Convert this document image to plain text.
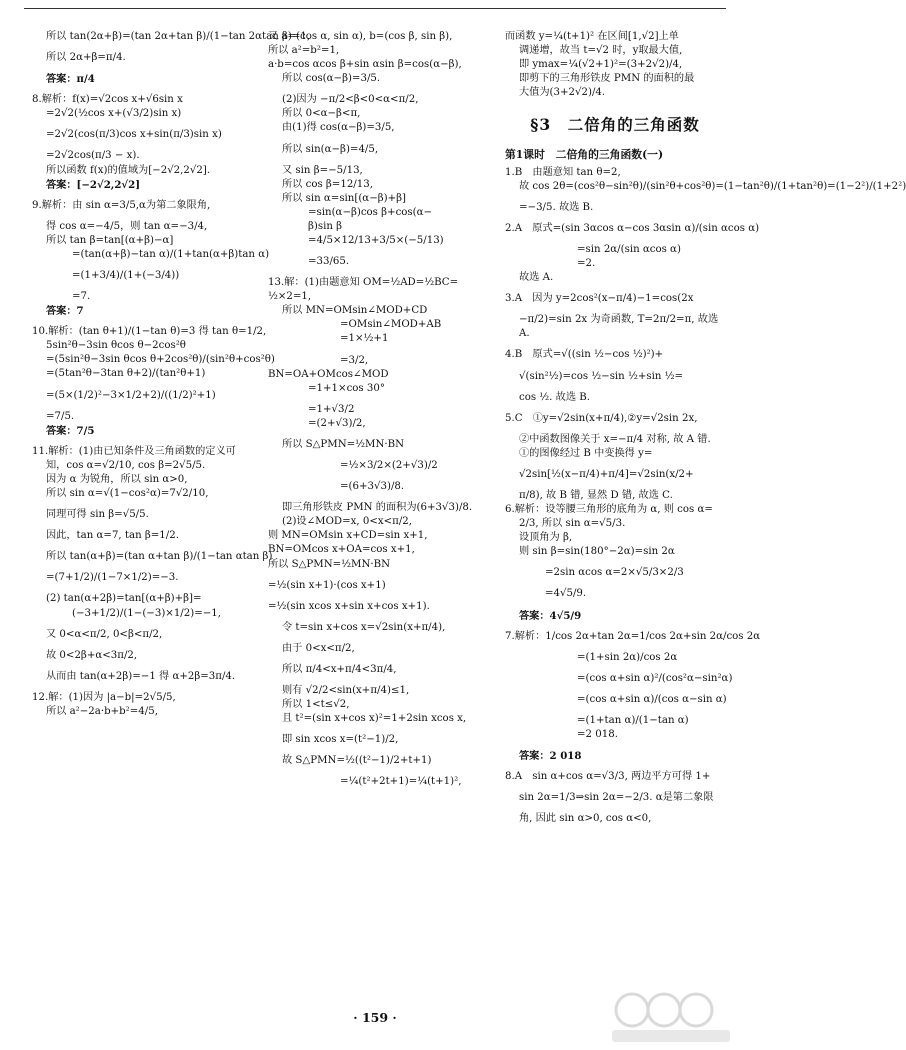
所以 tan(2α+β)=(tan 2α+tan β)/(1−tan 2αtan β)=1,

所以 2α+β=π/4.

答案：π/4

8.解析：f(x)=√2cos x+√6sin x

=2√2(½cos x+(√3/2)sin x)

=2√2(cos(π/3)cos x+sin(π/3)sin x)

=2√2cos(π/3 − x).

所以函数 f(x)的值域为[−2√2,2√2].

答案：[−2√2,2√2]

9.解析：由 sin α=3/5,α为第二象限角,

得 cos α=−4/5，则 tan α=−3/4,

所以 tan β=tan[(α+β)−α]

=(tan(α+β)−tan α)/(1+tan(α+β)tan α)

=(1+3/4)/(1+(−3/4))

=7.

答案：7

10.解析：(tan θ+1)/(1−tan θ)=3 得 tan θ=1/2,

5sin²θ−3sin θcos θ−2cos²θ

=(5sin²θ−3sin θcos θ+2cos²θ)/(sin²θ+cos²θ)

=(5tan²θ−3tan θ+2)/(tan²θ+1)

=(5×(1/2)²−3×1/2+2)/((1/2)²+1)

=7/5.

答案：7/5

11.解析：(1)由已知条件及三角函数的定义可

知，cos α=√2/10, cos β=2√5/5.

因为 α 为锐角，所以 sin α>0,

所以 sin α=√(1−cos²α)=7√2/10,

同理可得 sin β=√5/5.

因此，tan α=7, tan β=1/2.

所以 tan(α+β)=(tan α+tan β)/(1−tan αtan β)

=(7+1/2)/(1−7×1/2)=−3.

(2) tan(α+2β)=tan[(α+β)+β]=

(−3+1/2)/(1−(−3)×1/2)=−1,

又 0<α<π/2, 0<β<π/2,

故 0<2β+α<3π/2,

从而由 tan(α+2β)=−1 得 α+2β=3π/4.

12.解：(1)因为 |a−b|=2√5/5,

所以 a²−2a·b+b²=4/5,

又 a=(cos α, sin α), b=(cos β, sin β),

所以 a²=b²=1,

a·b=cos αcos β+sin αsin β=cos(α−β),

所以 cos(α−β)=3/5.

(2)因为 −π/2<β<0<α<π/2,

所以 0<α−β<π,

由(1)得 cos(α−β)=3/5,

所以 sin(α−β)=4/5,

又 sin β=−5/13,

所以 cos β=12/13,

所以 sin α=sin[(α−β)+β]

=sin(α−β)cos β+cos(α−

β)sin β

=4/5×12/13+3/5×(−5/13)

=33/65.

13.解：(1)由题意知 OM=½AD=½BC=

½×2=1,

所以 MN=OMsin∠MOD+CD

=OMsin∠MOD+AB

=1×½+1

=3/2,

BN=OA+OMcos∠MOD

=1+1×cos 30°

=1+√3/2

=(2+√3)/2,

所以 S△PMN=½MN·BN

=½×3/2×(2+√3)/2

=(6+3√3)/8.

即三角形铁皮 PMN 的面积为(6+3√3)/8.

(2)设∠MOD=x, 0<x<π/2,

则 MN=OMsin x+CD=sin x+1,

BN=OMcos x+OA=cos x+1,

所以 S△PMN=½MN·BN

=½(sin x+1)·(cos x+1)

=½(sin xcos x+sin x+cos x+1).

令 t=sin x+cos x=√2sin(x+π/4),

由于 0<x<π/2,

所以 π/4<x+π/4<3π/4,

则有 √2/2<sin(x+π/4)≤1,

所以 1<t≤√2,

且 t²=(sin x+cos x)²=1+2sin xcos x,

即 sin xcos x=(t²−1)/2,

故 S△PMN=½((t²−1)/2+t+1)

=¼(t²+2t+1)=¼(t+1)²,

而函数 y=¼(t+1)² 在区间[1,√2]上单

调递增，故当 t=√2 时，y取最大值,

即 ymax=¼(√2+1)²=(3+2√2)/4,

即剪下的三角形铁皮 PMN 的面积的最

大值为(3+2√2)/4.

§3　二倍角的三角函数
第1课时　二倍角的三角函数(一)

1.B　由题意知 tan θ=2,

故 cos 2θ=(cos²θ−sin²θ)/(sin²θ+cos²θ)=(1−tan²θ)/(1+tan²θ)=(1−2²)/(1+2²)

=−3/5. 故选 B.

2.A　原式=(sin 3αcos α−cos 3αsin α)/(sin αcos α)

=sin 2α/(sin αcos α)

=2.

故选 A.

3.A　因为 y=2cos²(x−π/4)−1=cos(2x

−π/2)=sin 2x 为奇函数, T=2π/2=π, 故选

A.

4.B　原式=√((sin ½−cos ½)²)+

√(sin²½)=cos ½−sin ½+sin ½=

cos ½. 故选 B.

5.C　①y=√2sin(x+π/4),②y=√2sin 2x,

②中函数图像关于 x=−π/4 对称, 故 A 错.

①的图像经过 B 中变换得 y=

√2sin[½(x−π/4)+π/4]=√2sin(x/2+

π/8), 故 B 错, 显然 D 错, 故选 C.

6.解析：设等腰三角形的底角为 α, 则 cos α=

2/3, 所以 sin α=√5/3.

设顶角为 β,

则 sin β=sin(180°−2α)=sin 2α

=2sin αcos α=2×√5/3×2/3

=4√5/9.

答案：4√5/9

7.解析：1/cos 2α+tan 2α=1/cos 2α+sin 2α/cos 2α

=(1+sin 2α)/cos 2α

=(cos α+sin α)²/(cos²α−sin²α)

=(cos α+sin α)/(cos α−sin α)

=(1+tan α)/(1−tan α)

=2 018.

答案：2 018

8.A　sin α+cos α=√3/3, 两边平方可得 1+

sin 2α=1/3⇒sin 2α=−2/3. α是第二象限

角, 因此 sin α>0, cos α<0,

· 159 ·
